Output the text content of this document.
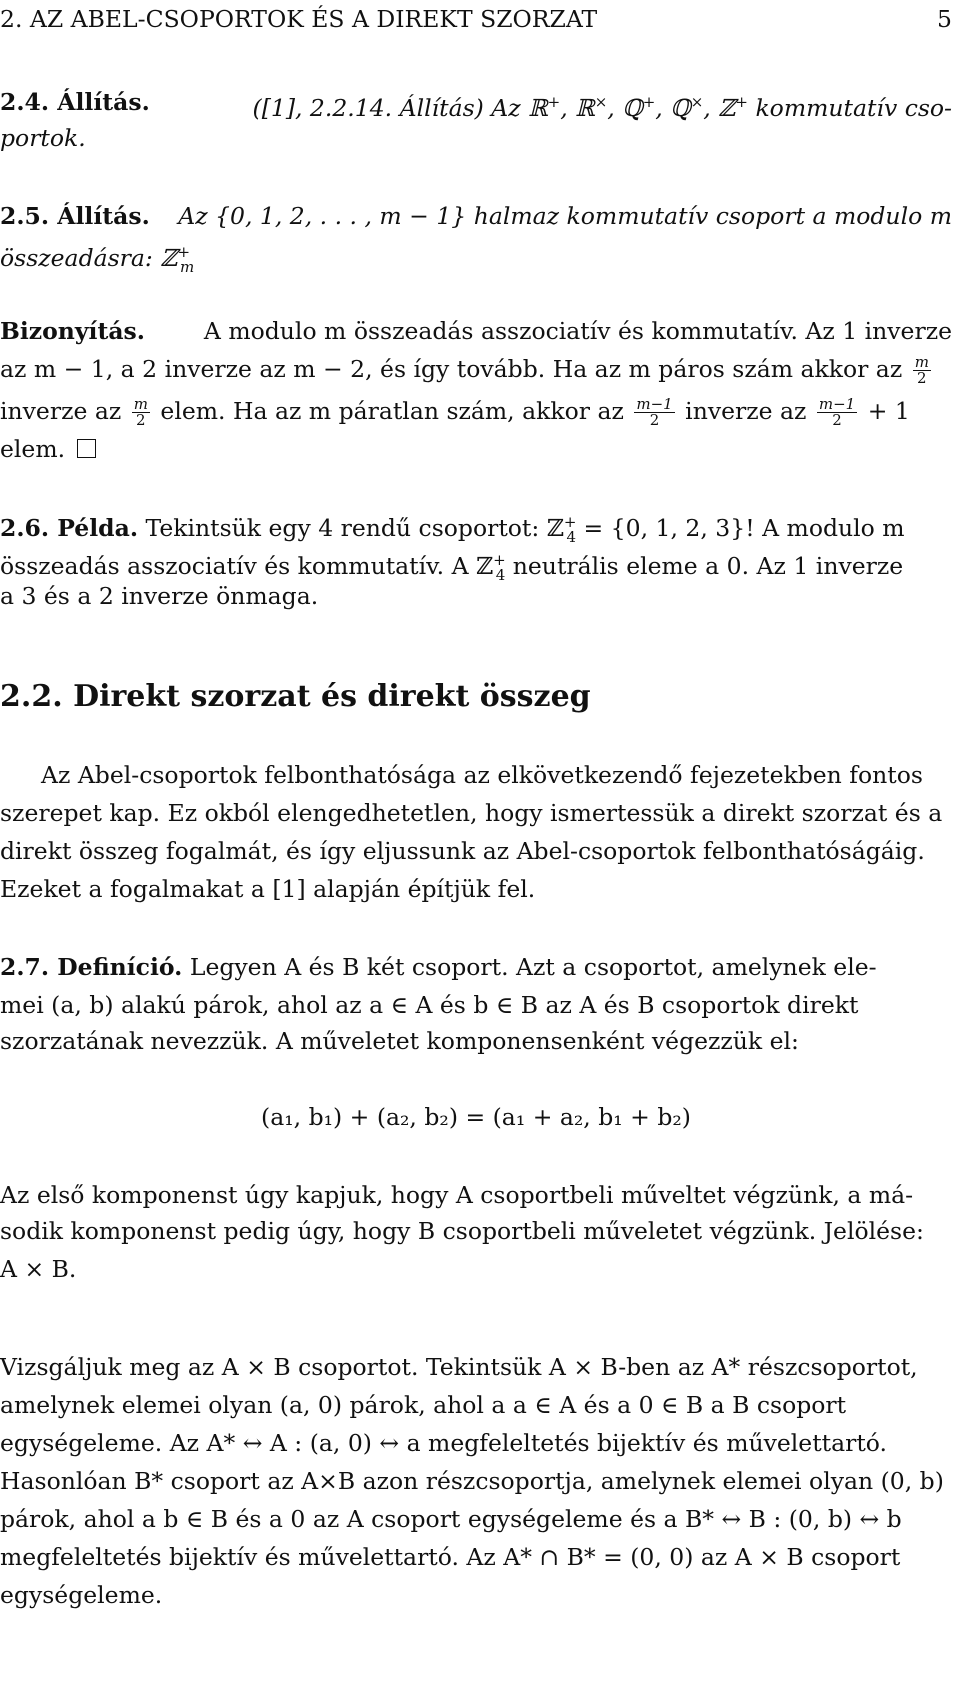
2. AZ ABEL-CSOPORTOK ÉS A DIREKT SZORZAT	5
2.4. Állítás.	([1], 2.2.14. Állítás) Az ℝ+, ℝ×, ℚ+, ℚ×, ℤ+ kommutatív cso-
portok.
2.5. Állítás. Az {0, 1, 2, . . . , m − 1} halmaz kommutatív csoport a modulo m
összeadásra: ℤ+$_m$
Bizonyítás.	A modulo m összeadás asszociatív és kommutatív. Az 1 inverze
az m − 1, a 2 inverze az m − 2, és így tovább. Ha az m páros szám akkor az $\frac{m}{2}$
inverze az $\frac{m}{2}$ elem. Ha az m páratlan szám, akkor az $\frac{m-1}{2}$ inverze az $\frac{m-1}{2} + 1$
elem.
2.6. Példa. Tekintsük egy 4 rendű csoportot: ℤ+$_4$ = {0, 1, 2, 3}! A modulo m
összeadás asszociatív és kommutatív. A ℤ+$_4$ neutrális eleme a 0. Az 1 inverze
a 3 és a 2 inverze önmaga.
2.2. Direkt szorzat és direkt összeg
Az Abel-csoportok felbonthatósága az elkövetkezendő fejezetekben fontos
szerepet kap. Ez okból elengedhetetlen, hogy ismertessük a direkt szorzat és a
direkt összeg fogalmát, és így eljussunk az Abel-csoportok felbonthatóságáig.
Ezeket a fogalmakat a [1] alapján építjük fel.
2.7. Definíció. Legyen A és B két csoport. Azt a csoportot, amelynek ele-
mei (a, b) alakú párok, ahol az a ∈ A és b ∈ B az A és B csoportok direkt
szorzatának nevezzük. A műveletet komponensenként végezzük el:
(a₁, b₁) + (a₂, b₂) = (a₁ + a₂, b₁ + b₂)
Az első komponenst úgy kapjuk, hogy A csoportbeli műveltet végzünk, a má-
sodik komponenst pedig úgy, hogy B csoportbeli műveletet végzünk. Jelölése:
A × B.
Vizsgáljuk meg az A × B csoportot. Tekintsük A × B-ben az A* részcsoportot,
amelynek elemei olyan (a, 0) párok, ahol a a ∈ A és a 0 ∈ B a B csoport
egységeleme. Az A* ↔ A : (a, 0) ↔ a megfeleltetés bijektív és művelettartó.
Hasonlóan B* csoport az A×B azon részcsoportja, amelynek elemei olyan (0, b)
párok, ahol a b ∈ B és a 0 az A csoport egységeleme és a B* ↔ B : (0, b) ↔ b
megfeleltetés bijektív és művelettartó. Az A* ∩ B* = (0, 0) az A × B csoport
egységeleme.
